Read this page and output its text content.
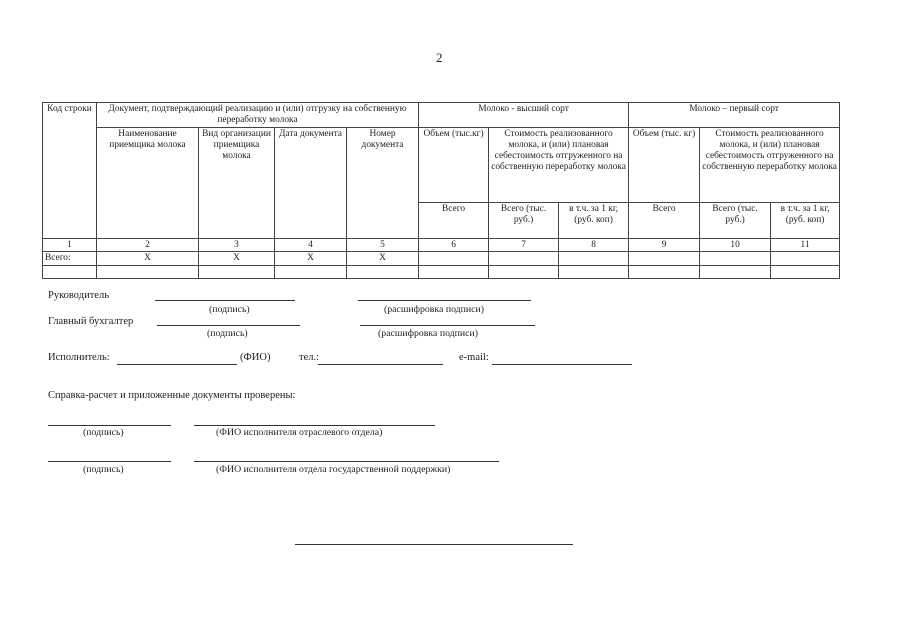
2
Код строки	Документ, подтверждающий реализацию и (или) отгрузку на собственную переработку молока				Молоко - высший сорт			Молоко – первый сорт		
	Наименование приемщика молока	Вид организации приемщика молока	Дата документа	Номер документа	Объем (тыс.кг)	Стоимость реализованного молока, и (или) плановая себестоимость отгруженного на собственную переработку молока		Объем (тыс. кг)	Стоимость реализованного молока, и (или) плановая себестоимость отгруженного на собственную переработку молока	
					Всего	Всего (тыс. руб.)	в т.ч. за 1 кг, (руб. коп)	Всего	Всего (тыс. руб.)	в т.ч. за 1 кг, (руб. коп)
1	2	3	4	5	6	7	8	9	10	11
Всего:	Х	Х	Х	Х						

Руководитель
(подпись)	(расшифровка подписи)
Главный бухгалтер
(подпись)	(расшифровка подписи)
Исполнитель:	(ФИО)	тел.:	e-mail:
Справка-расчет и приложенные документы проверены:
(подпись)	(ФИО исполнителя отраслевого отдела)
(подпись)	(ФИО исполнителя отдела государственной поддержки)
